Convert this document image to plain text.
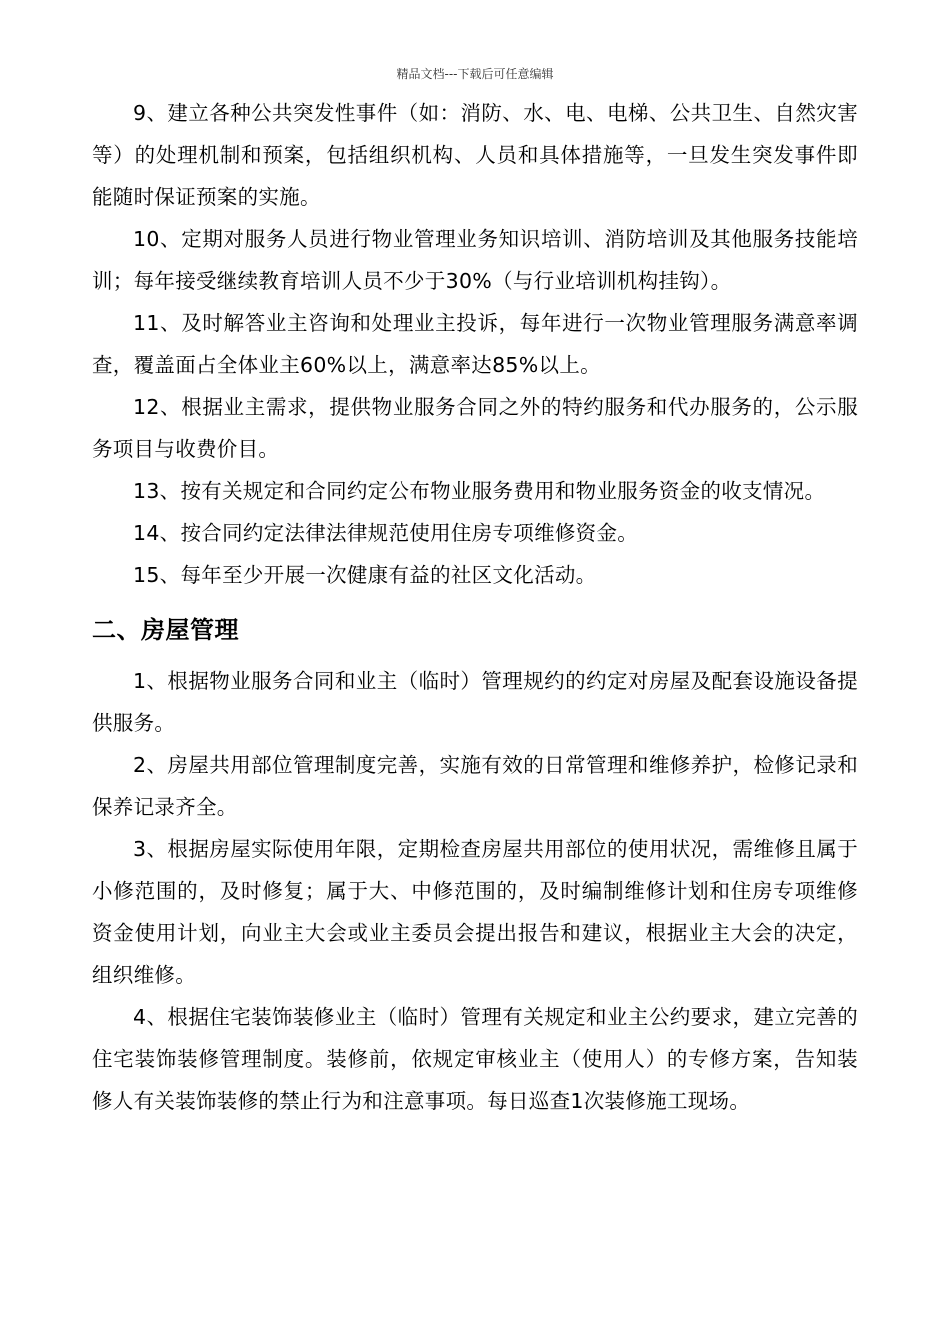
精品文档---下载后可任意编辑

9、建立各种公共突发性事件（如：消防、水、电、电梯、公共卫生、自然灾害等）的处理机制和预案，包括组织机构、人员和具体措施等，一旦发生突发事件即能随时保证预案的实施。

10、定期对服务人员进行物业管理业务知识培训、消防培训及其他服务技能培训；每年接受继续教育培训人员不少于30%（与行业培训机构挂钩）。

11、及时解答业主咨询和处理业主投诉，每年进行一次物业管理服务满意率调查，覆盖面占全体业主60%以上，满意率达85%以上。

12、根据业主需求，提供物业服务合同之外的特约服务和代办服务的，公示服务项目与收费价目。

13、按有关规定和合同约定公布物业服务费用和物业服务资金的收支情况。

14、按合同约定法律法律规范使用住房专项维修资金。

15、每年至少开展一次健康有益的社区文化活动。

二、房屋管理

1、根据物业服务合同和业主（临时）管理规约的约定对房屋及配套设施设备提供服务。

2、房屋共用部位管理制度完善，实施有效的日常管理和维修养护，检修记录和保养记录齐全。

3、根据房屋实际使用年限，定期检查房屋共用部位的使用状况，需维修且属于小修范围的，及时修复；属于大、中修范围的，及时编制维修计划和住房专项维修资金使用计划，向业主大会或业主委员会提出报告和建议，根据业主大会的决定，组织维修。

4、根据住宅装饰装修业主（临时）管理有关规定和业主公约要求，建立完善的住宅装饰装修管理制度。装修前，依规定审核业主（使用人）的专修方案，告知装修人有关装饰装修的禁止行为和注意事项。每日巡查1次装修施工现场。
